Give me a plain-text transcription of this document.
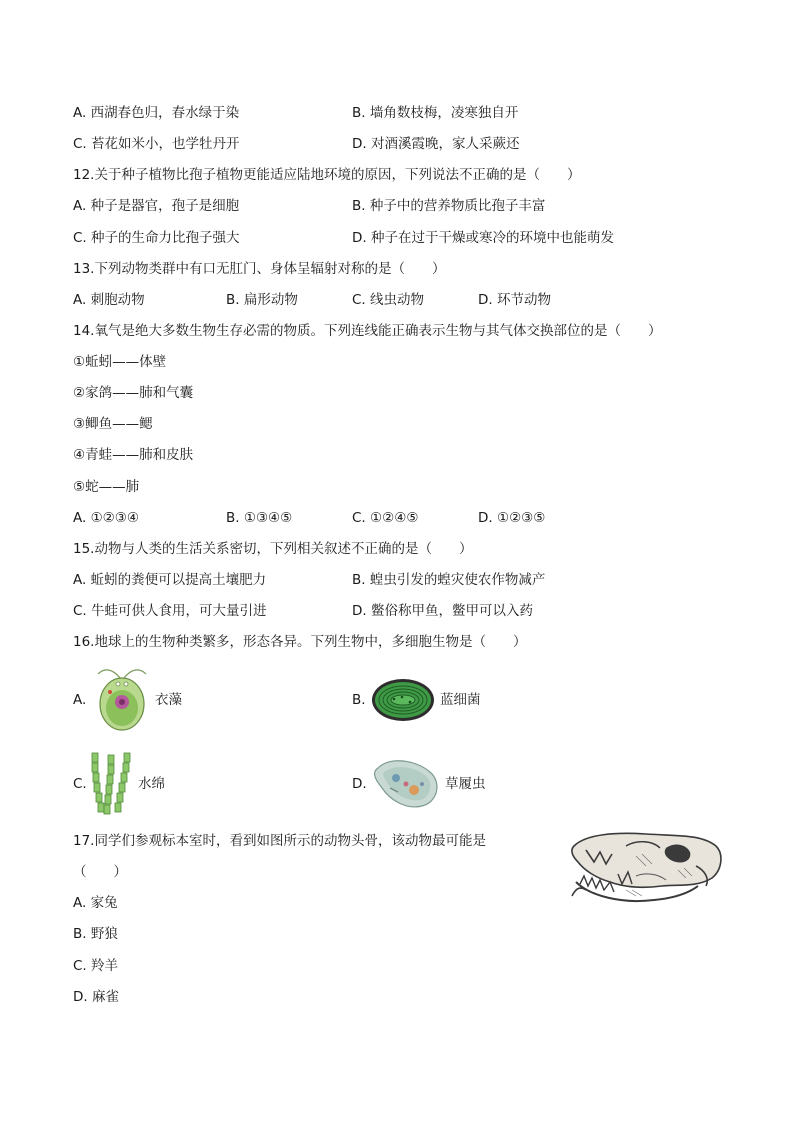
A. 西湖春色归，春水绿于染	B. 墙角数枝梅，凌寒独自开
C. 苔花如米小，也学牡丹开	D. 对酒溪霞晚，家人采蕨还
12.关于种子植物比孢子植物更能适应陆地环境的原因，下列说法不正确的是（　　）
A. 种子是器官，孢子是细胞	B. 种子中的营养物质比孢子丰富
C. 种子的生命力比孢子强大	D. 种子在过于干燥或寒冷的环境中也能萌发
13.下列动物类群中有口无肛门、身体呈辐射对称的是（　　）
A. 刺胞动物	B. 扁形动物	C. 线虫动物	D. 环节动物
14.氧气是绝大多数生物生存必需的物质。下列连线能正确表示生物与其气体交换部位的是（　　）
①蚯蚓——体壁
②家鸽——肺和气囊
③鲫鱼——鳃
④青蛙——肺和皮肤
⑤蛇——肺
A. ①②③④	B. ①③④⑤	C. ①②④⑤	D. ①②③⑤
15.动物与人类的生活关系密切，下列相关叙述不正确的是（　　）
A. 蚯蚓的粪便可以提高土壤肥力	B. 蝗虫引发的蝗灾使农作物减产
C. 牛蛙可供人食用，可大量引进	D. 鳖俗称甲鱼，鳖甲可以入药
16.地球上的生物种类繁多，形态各异。下列生物中，多细胞生物是（　　）
A.	衣藻	B.	蓝细菌
C.	水绵	D.	草履虫
17.同学们参观标本室时，看到如图所示的动物头骨，该动物最可能是
（　　）
A. 家兔
B. 野狼
C. 羚羊
D. 麻雀
